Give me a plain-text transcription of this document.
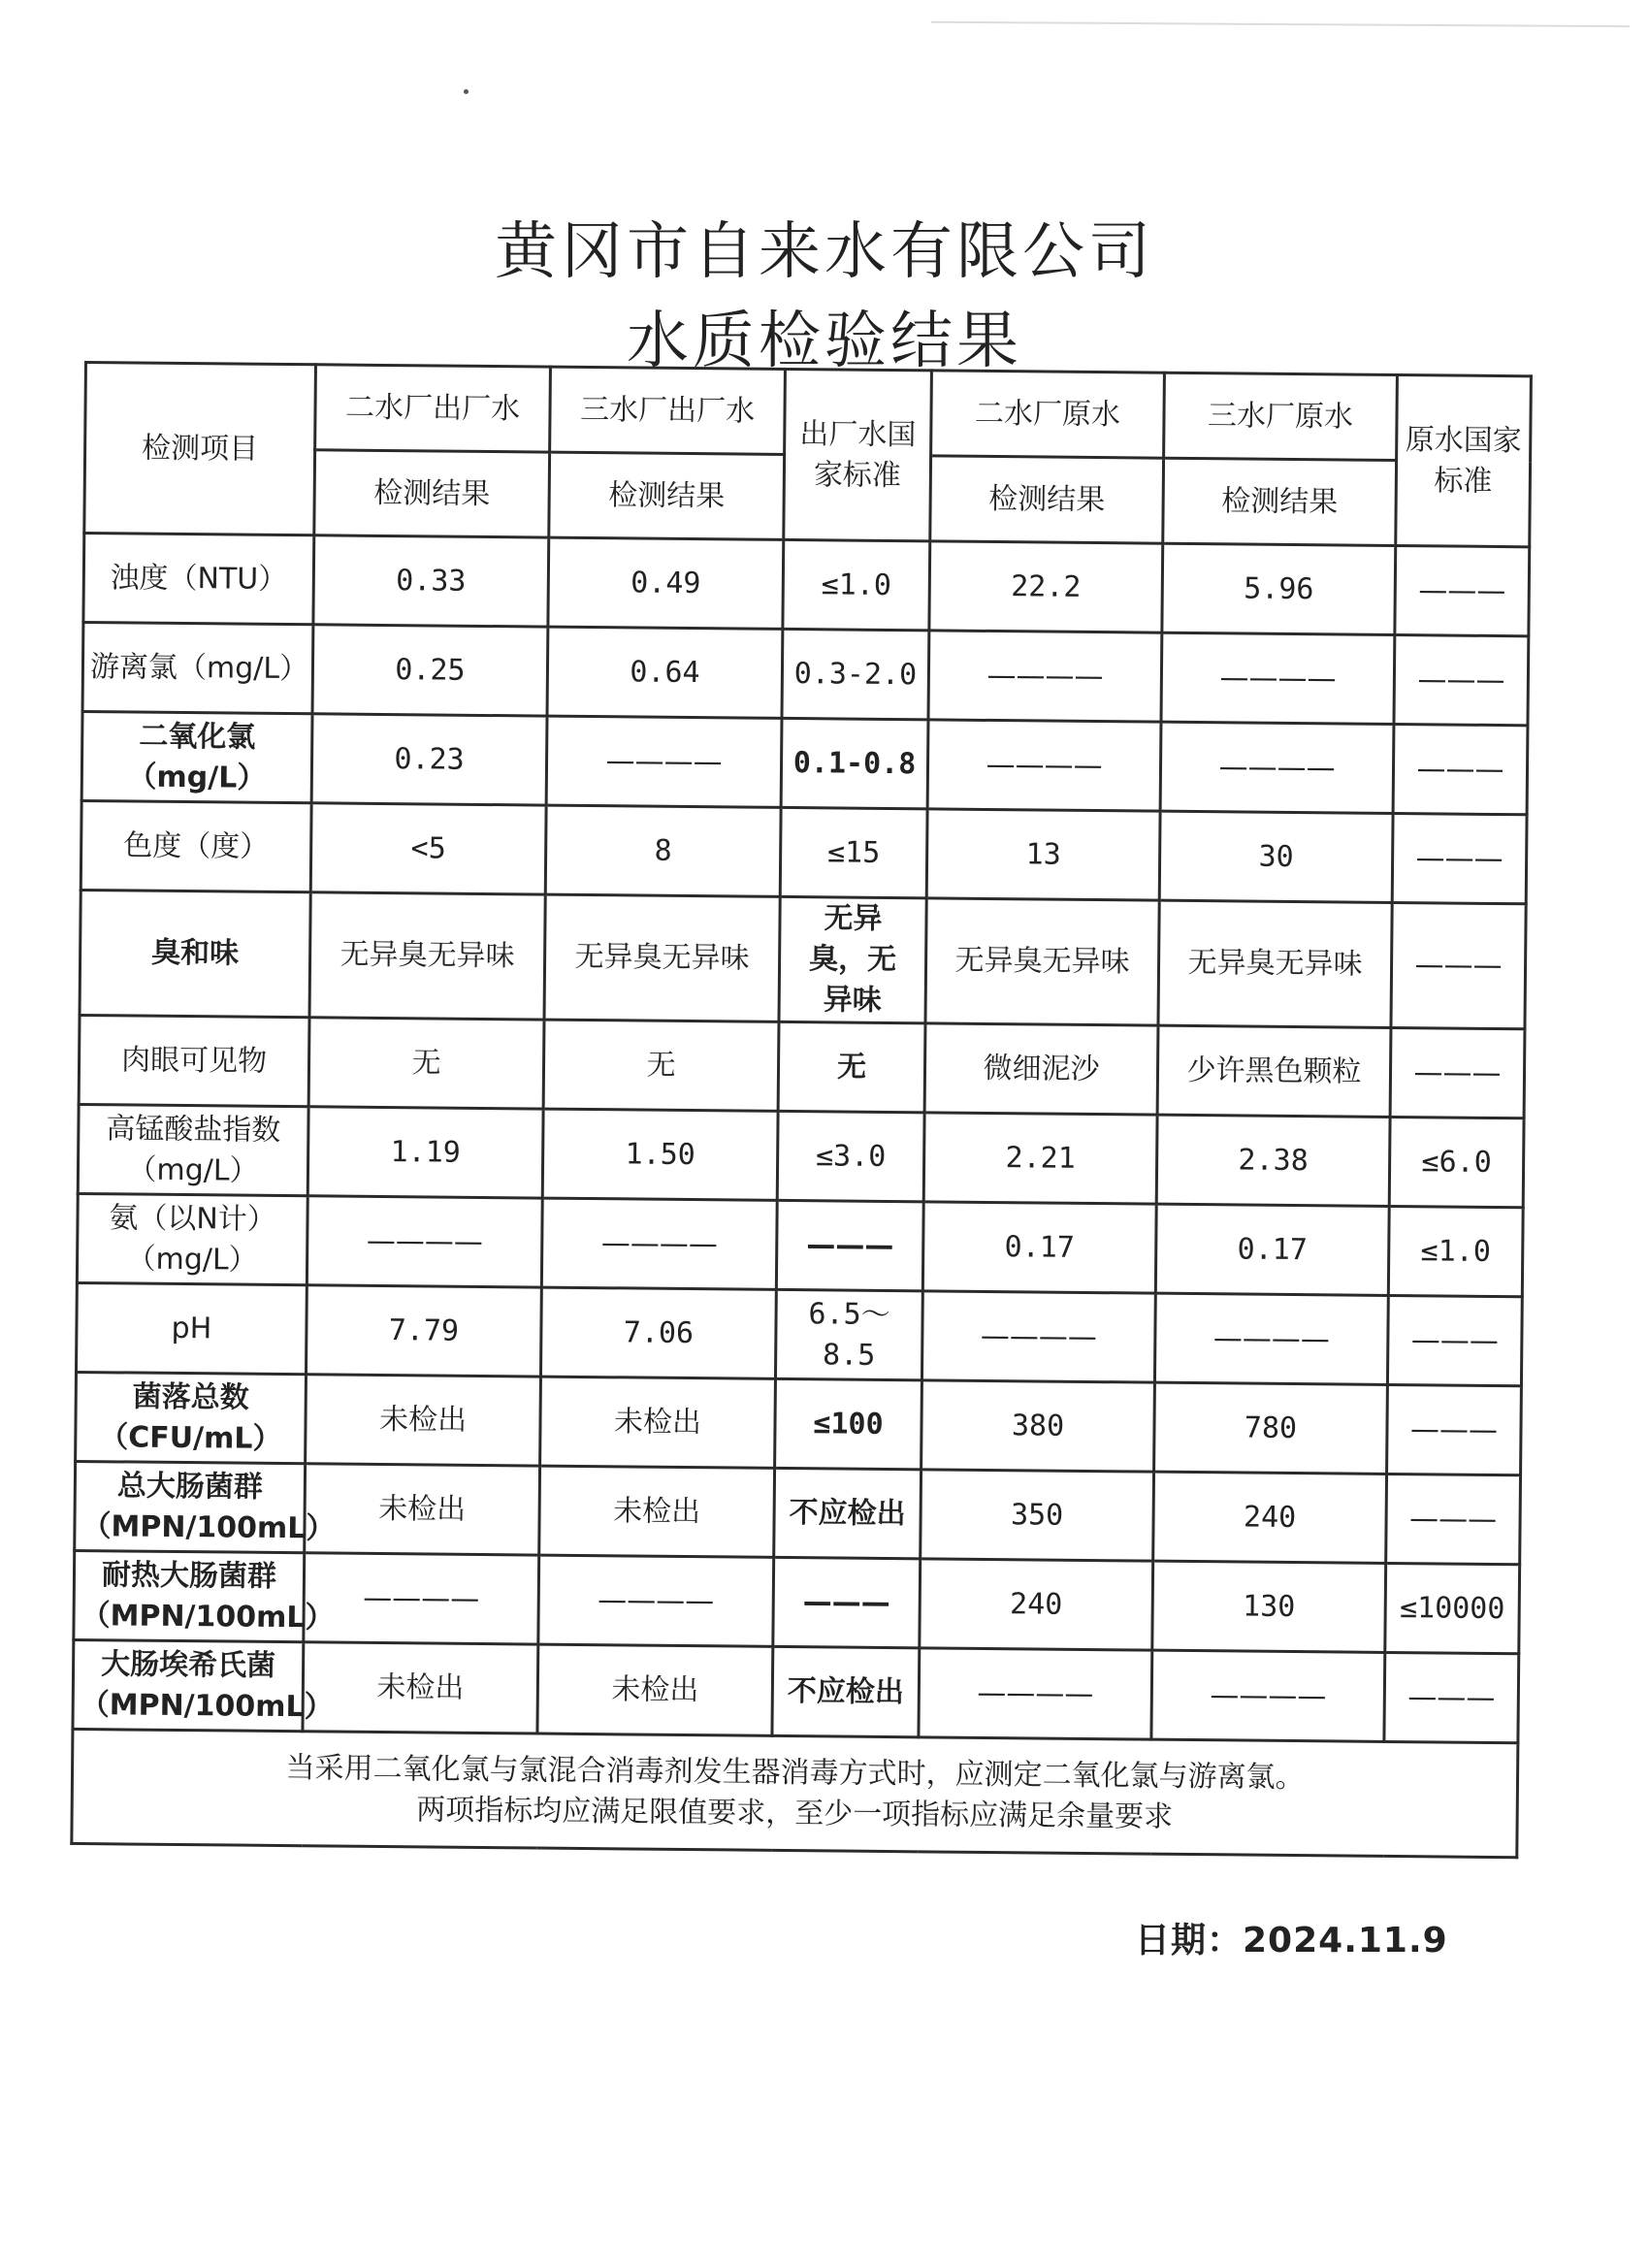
黄冈市自来水有限公司
水质检验结果
检测项目	二水厂出厂水	三水厂出厂水	出厂水国家标准	二水厂原水	三水厂原水	原水国家标准
	检测结果	检测结果		检测结果	检测结果	
浊度（NTU）	0.33	0.49	≤1.0	22.2	5.96	———
游离氯（mg/L）	0.25	0.64	0.3-2.0	————	————	———
二氧化氯（mg/L）	0.23	————	0.1-0.8	————	————	———
色度（度）	<5	8	≤15	13	30	———
臭和味	无异臭无异味	无异臭无异味	无异臭，无异味	无异臭无异味	无异臭无异味	———
肉眼可见物	无	无	无	微细泥沙	少许黑色颗粒	———
高锰酸盐指数（mg/L）	1.19	1.50	≤3.0	2.21	2.38	≤6.0
氨（以N计）（mg/L）	————	————	———	0.17	0.17	≤1.0
pH	7.79	7.06	6.5～8.5	————	————	———
菌落总数（CFU/mL）	未检出	未检出	≤100	380	780	———
总大肠菌群（MPN/100mL）	未检出	未检出	不应检出	350	240	———
耐热大肠菌群（MPN/100mL）	————	————	———	240	130	≤10000
大肠埃希氏菌（MPN/100mL）	未检出	未检出	不应检出	————	————	———

当采用二氧化氯与氯混合消毒剂发生器消毒方式时，应测定二氧化氯与游离氯。
两项指标均应满足限值要求，至少一项指标应满足余量要求						
日期：2024.11.9
